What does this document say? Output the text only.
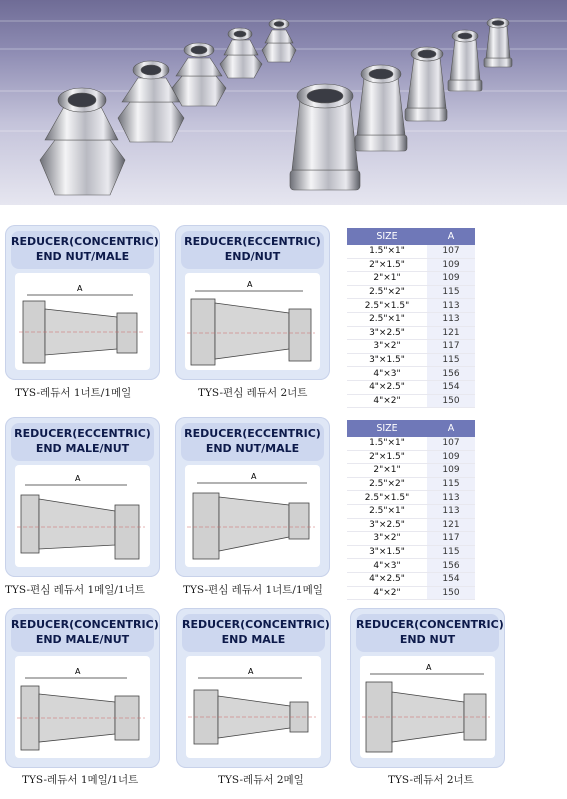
REDUCER(CONCENTRIC)
END NUT/MALE
A
TYS-레듀서 1너트/1메일
REDUCER(ECCENTRIC)
END/NUT
A
TYS-편심 레듀서 2너트
SIZE	A
1.5"×1"	107
2"×1.5"	109
2"×1"	109
2.5"×2"	115
2.5"×1.5"	113
2.5"×1"	113
3"×2.5"	121
3"×2"	117
3"×1.5"	115
4"×3"	156
4"×2.5"	154
4"×2"	150
REDUCER(ECCENTRIC)
END MALE/NUT
A
TYS-편심 레듀서 1메일/1너트
REDUCER(ECCENTRIC)
END NUT/MALE
A
TYS-편심 레듀서 1너트/1메일
SIZE	A
1.5"×1"	107
2"×1.5"	109
2"×1"	109
2.5"×2"	115
2.5"×1.5"	113
2.5"×1"	113
3"×2.5"	121
3"×2"	117
3"×1.5"	115
4"×3"	156
4"×2.5"	154
4"×2"	150
REDUCER(CONCENTRIC)
END MALE/NUT
A
TYS-레듀서 1메일/1너트
REDUCER(CONCENTRIC)
END MALE
A
TYS-레듀서 2메일
REDUCER(CONCENTRIC)
END NUT
A
TYS-레듀서 2너트
